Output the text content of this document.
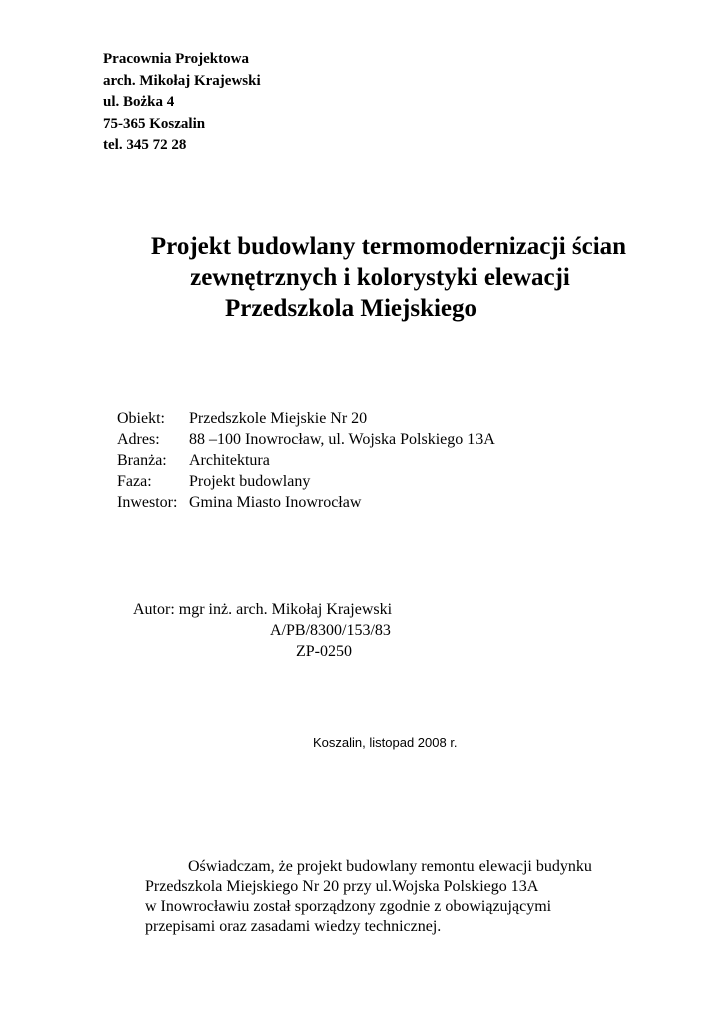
Pracownia Projektowa
arch. Mikołaj Krajewski
ul. Bożka 4
75-365 Koszalin
tel. 345 72 28
Projekt budowlany termomodernizacji ścian
zewnętrznych i kolorystyki elewacji
Przedszkola Miejskiego
Obiekt:	Przedszkole Miejskie Nr 20
Adres:	88 –100 Inowrocław, ul. Wojska Polskiego 13A
Branża:	Architektura
Faza:	Projekt budowlany
Inwestor: Gmina Miasto Inowrocław
Autor: mgr inż. arch. Mikołaj Krajewski
A/PB/8300/153/83
ZP-0250
Koszalin, listopad 2008 r.
Oświadczam, że projekt budowlany remontu elewacji budynku
Przedszkola Miejskiego Nr 20 przy ul.Wojska Polskiego 13A
w Inowrocławiu został sporządzony zgodnie z obowiązującymi
przepisami oraz zasadami wiedzy technicznej.
